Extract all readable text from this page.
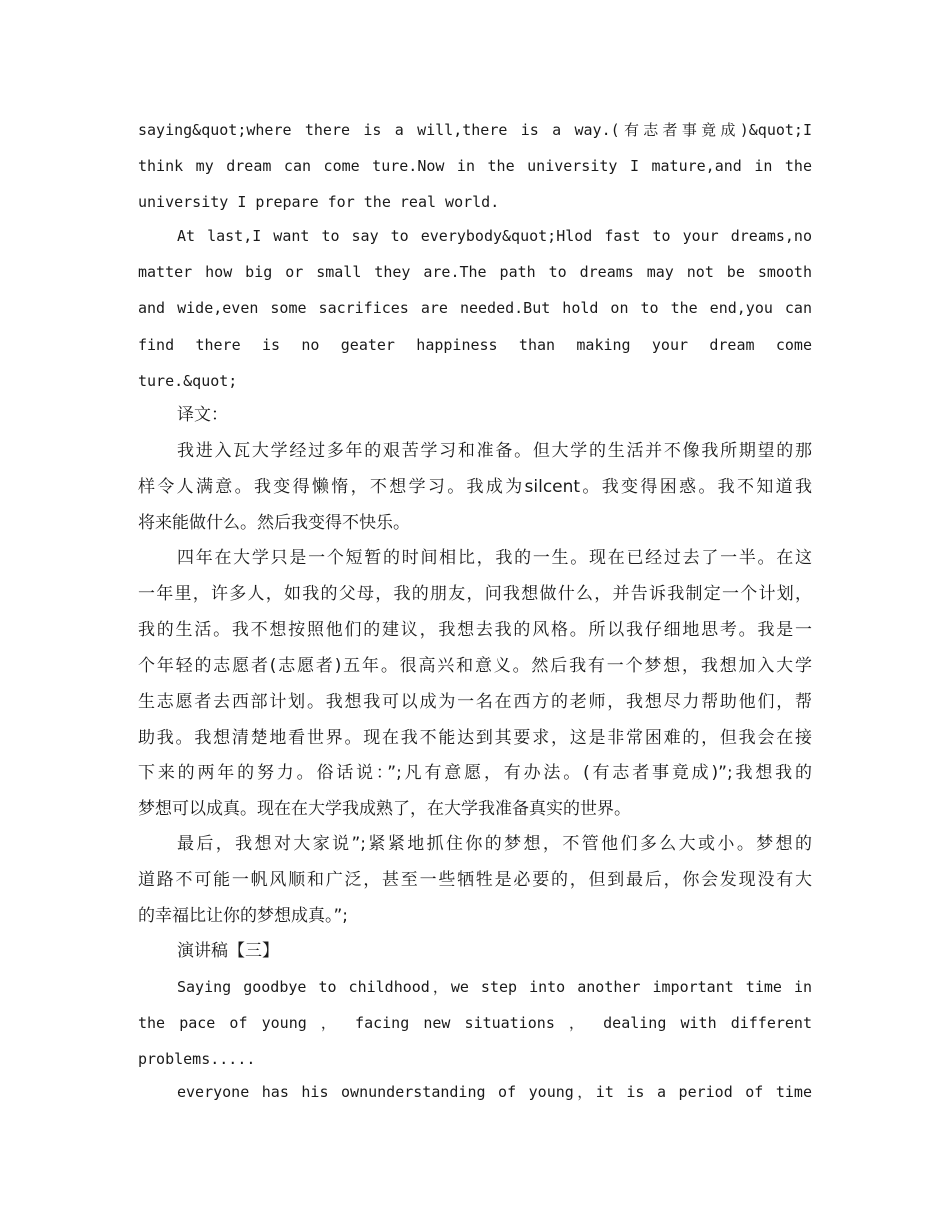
saying&quot;where there is a will,there is a way.(有志者事竟成)&quot;I
think my dream can come ture.Now in the university I mature,and in the
university I prepare for the real world.
At last,I want to say to everybody&quot;Hlod fast to your dreams,no
matter how big or small they are.The path to dreams may not be smooth
and wide,even some sacrifices are needed.But hold on to the end,you can
find there is no geater happiness than making your dream come
ture.&quot;
译文：
我进入瓦大学经过多年的艰苦学习和准备。但大学的生活并不像我所期望的那
样令人满意。我变得懒惰，不想学习。我成为silcent。我变得困惑。我不知道我
将来能做什么。然后我变得不快乐。
四年在大学只是一个短暂的时间相比，我的一生。现在已经过去了一半。在这
一年里，许多人，如我的父母，我的朋友，问我想做什么，并告诉我制定一个计划，
我的生活。我不想按照他们的建议，我想去我的风格。所以我仔细地思考。我是一
个年轻的志愿者(志愿者)五年。很高兴和意义。然后我有一个梦想，我想加入大学
生志愿者去西部计划。我想我可以成为一名在西方的老师，我想尽力帮助他们，帮
助我。我想清楚地看世界。现在我不能达到其要求，这是非常困难的，但我会在接
下来的两年的努力。俗话说：”;凡有意愿，有办法。(有志者事竟成)”;我想我的
梦想可以成真。现在在大学我成熟了，在大学我准备真实的世界。
最后，我想对大家说”;紧紧地抓住你的梦想，不管他们多么大或小。梦想的
道路不可能一帆风顺和广泛，甚至一些牺牲是必要的，但到最后，你会发现没有大
的幸福比让你的梦想成真。”;
演讲稿【三】
Saying goodbye to childhood，we step into another important time in
the pace of young ， facing new situations ， dealing with different
problems.....
everyone has his ownunderstanding of young，it is a period of time
